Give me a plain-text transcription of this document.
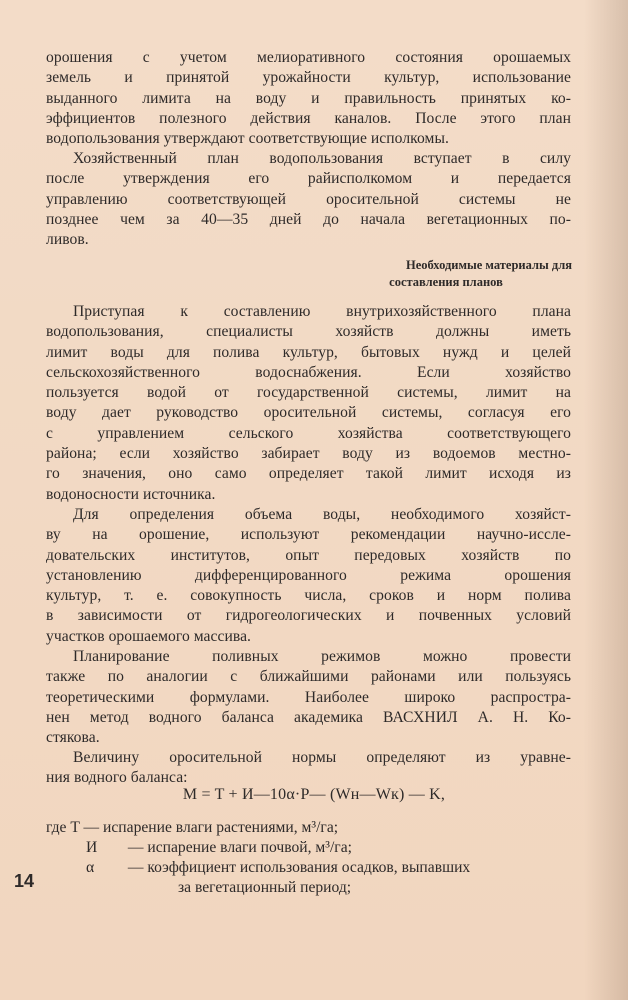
орошения с учетом мелиоративного состояния орошаемых
земель и принятой урожайности культур, использование
выданного лимита на воду и правильность принятых ко-
эффициентов полезного действия каналов. После этого план
водопользования утверждают соответствующие исполкомы.
Хозяйственный план водопользования вступает в силу
после утверждения его райисполкомом и передается
управлению соответствующей оросительной системы не
позднее чем за 40—35 дней до начала вегетационных по-
ливов.
Необходимые материалы для
составления планов
Приступая к составлению внутрихозяйственного плана
водопользования, специалисты хозяйств должны иметь
лимит воды для полива культур, бытовых нужд и целей
сельскохозяйственного водоснабжения. Если хозяйство
пользуется водой от государственной системы, лимит на
воду дает руководство оросительной системы, согласуя его
с управлением сельского хозяйства соответствующего
района; если хозяйство забирает воду из водоемов местно-
го значения, оно само определяет такой лимит исходя из
водоносности источника.
Для определения объема воды, необходимого хозяйст-
ву на орошение, используют рекомендации научно-иссле-
довательских институтов, опыт передовых хозяйств по
установлению дифференцированного режима орошения
культур, т. е. совокупность числа, сроков и норм полива
в зависимости от гидрогеологических и почвенных условий
участков орошаемого массива.
Планирование поливных режимов можно провести
также по аналогии с ближайшими районами или пользуясь
теоретическими формулами. Наиболее широко распростра-
нен метод водного баланса академика ВАСХНИЛ А. Н. Ко-
стякова.
Величину оросительной нормы определяют из уравне-
ния водного баланса:
M = T + И—10α·P— (Wн—Wк) — K,
где T — испарение влаги растениями, м³/га;
И — испарение влаги почвой, м³/га;
α — коэффициент использования осадков, выпавших
за вегетационный период;
14
